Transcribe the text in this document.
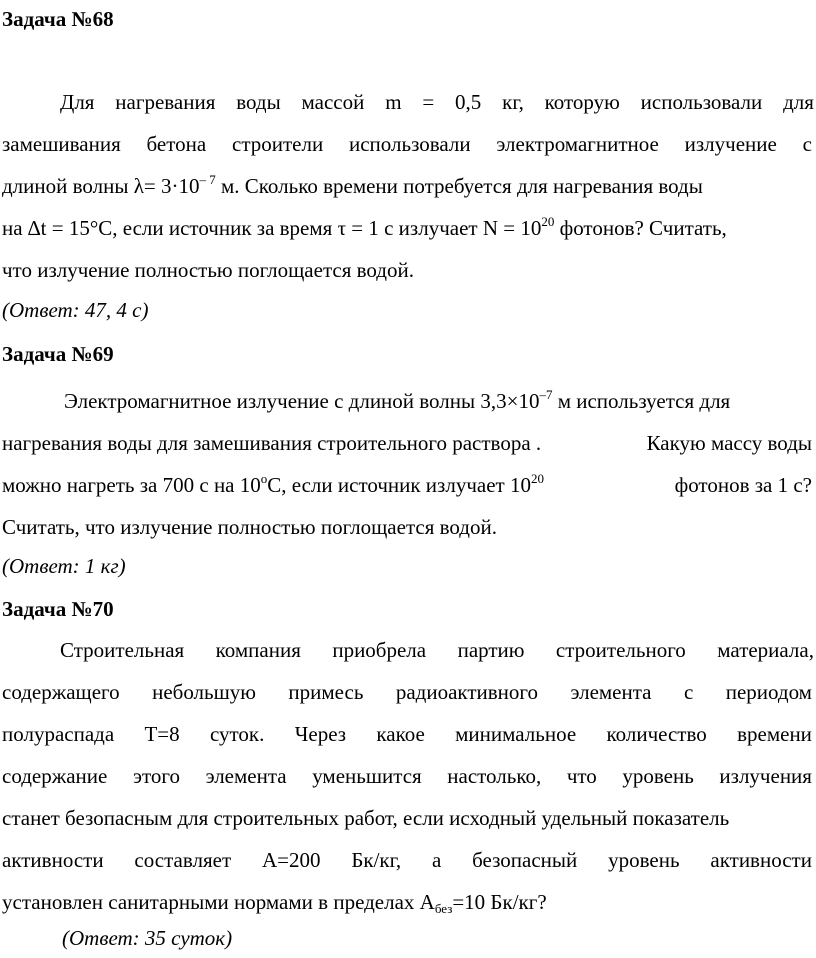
Задача №68
Для нагревания воды массой m = 0,5 кг, которую использовали для
замешивания бетона строители использовали электромагнитное излучение с
длиной волны $\lambda= 3\cdot 10^{- 7}$ м. Сколько времени потребуется для нагревания воды
на ∆t = 15°С, если источник за время τ = 1 с излучает $N = 10^{20}$ фотонов? Считать,
что излучение полностью поглощается водой.
(Ответ: 47, 4 с)
Задача №69
Электромагнитное излучение с длиной волны $3,3\times 10^{-7}$ м используется для
нагревания воды для замешивания строительного раствора .	Какую массу воды
можно нагреть за 700 с на 10$^o$С, если источник излучает $10^{20}$	фотонов за 1 с?
Считать, что излучение полностью поглощается водой.
(Ответ: 1 кг)
Задача №70
Строительная компания приобрела партию строительного материала,
содержащего небольшую примесь радиоактивного элемента с периодом
полураспада Т=8 суток. Через какое минимальное количество времени
содержание этого элемента уменьшится настолько, что уровень излучения
станет безопасным для строительных работ, если исходный удельный показатель
активности составляет А=200 Бк/кг, а безопасный уровень активности
установлен санитарными нормами в пределах $А_{без}=10$ Бк/кг?
(Ответ: 35 суток)
